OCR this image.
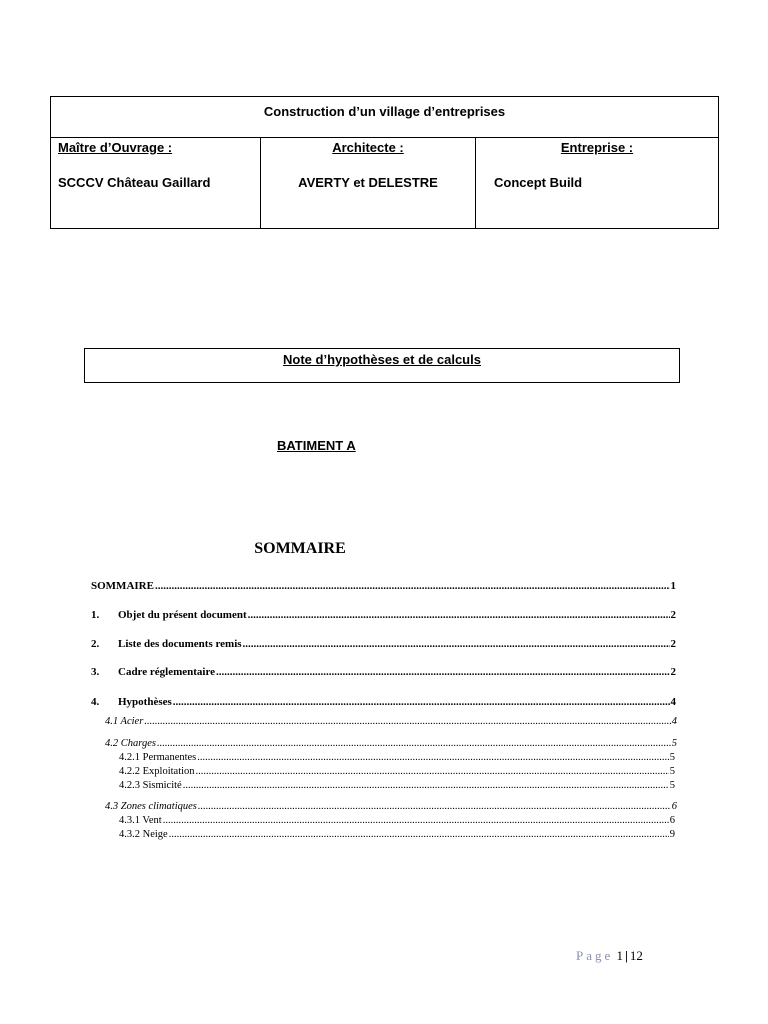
Construction d’un village d’entreprises
Maître d’Ouvrage :
SCCCV Château Gaillard
Architecte :
AVERTY et DELESTRE
Entreprise :
Concept Build
Note d’hypothèses et de calculs
BATIMENT A
SOMMAIRE
SOMMAIRE .....	1
1. Objet du présent document .....	2
2. Liste des documents remis .....	2
3. Cadre réglementaire .....	2
4. Hypothèses .....	4
4.1 Acier .....	4
4.2 Charges .....	5
4.2.1 Permanentes .....	5
4.2.2 Exploitation .....	5
4.2.3 Sismicité .....	5
4.3 Zones climatiques .....	6
4.3.1 Vent .....	6
4.3.2 Neige .....	9
Page 1 | 12
